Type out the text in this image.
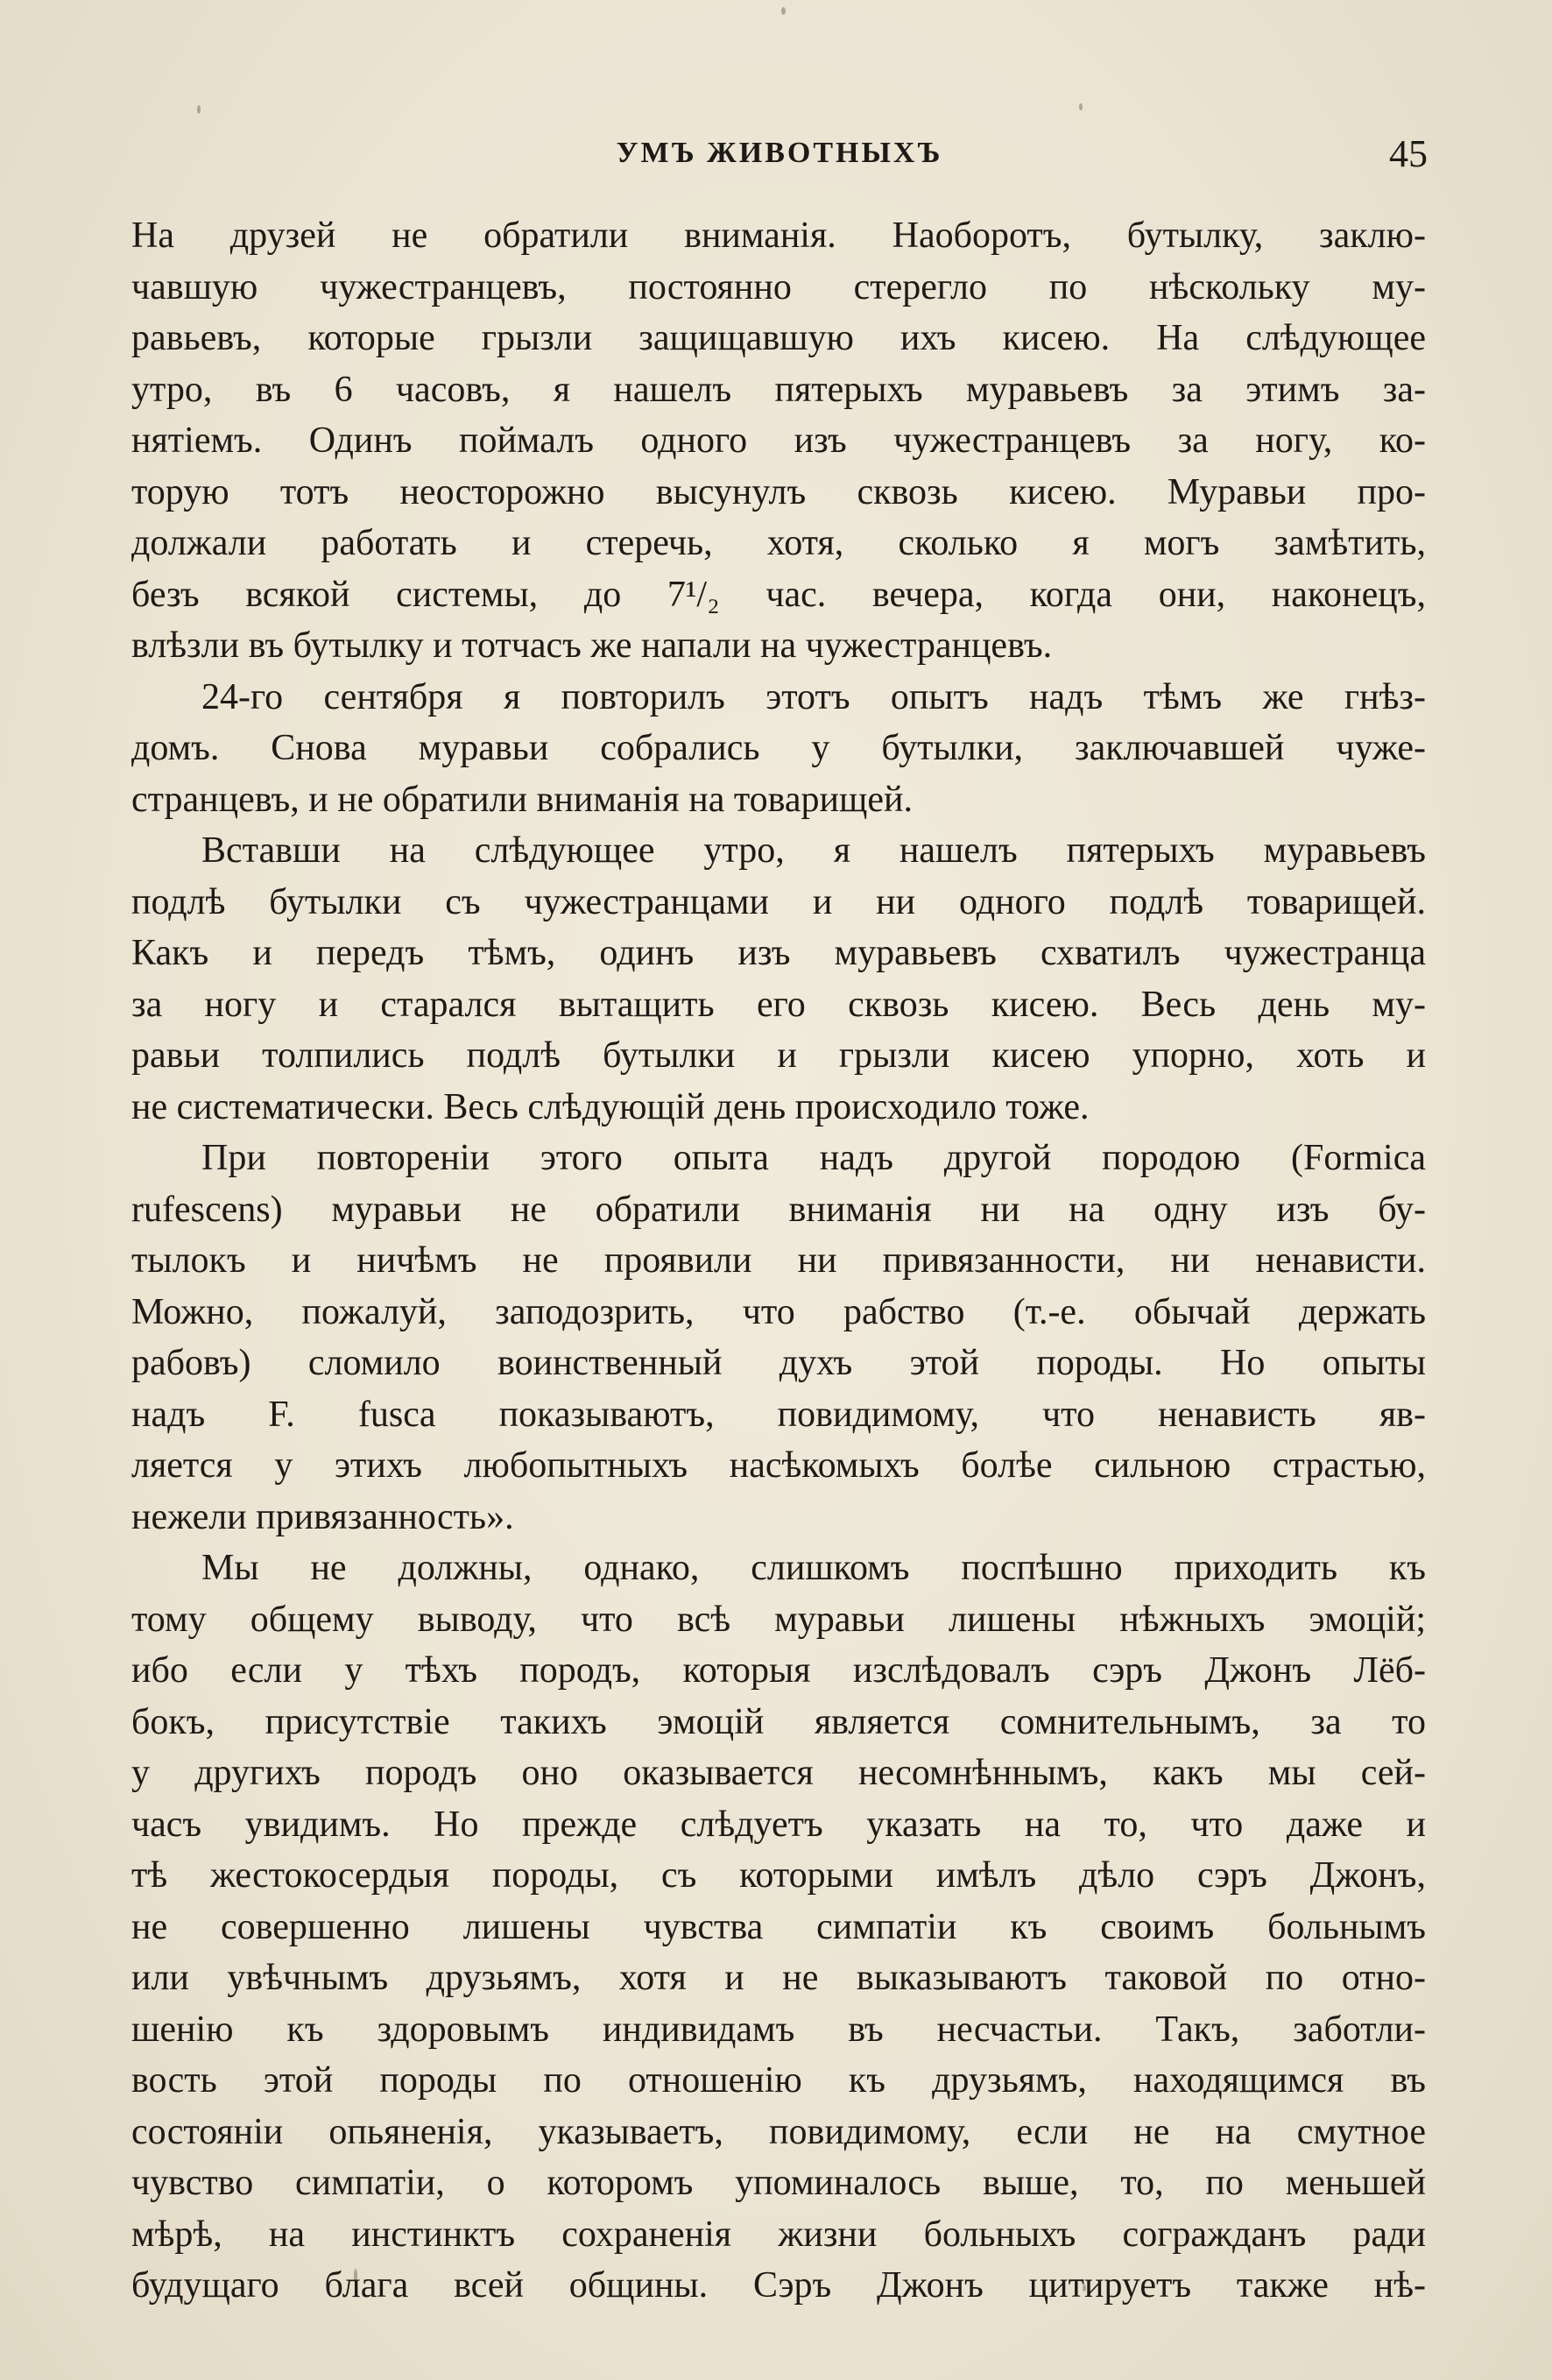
УМЪ ЖИВОТНЫХЪ	45
На друзей не обратили вниманія. Наоборотъ, бутылку, заклю-
чавшую чужестранцевъ, постоянно стерегло по нѣскольку му-
равьевъ, которые грызли защищавшую ихъ кисею. На слѣдующее
утро, въ 6 часовъ, я нашелъ пятерыхъ муравьевъ за этимъ за-
нятіемъ. Одинъ поймалъ одного изъ чужестранцевъ за ногу, ко-
торую тотъ неосторожно высунулъ сквозь кисею. Муравьи про-
должали работать и стеречь, хотя, сколько я могъ замѣтить,
безъ всякой системы, до 7¹/₂ час. вечера, когда они, наконецъ,
влѣзли въ бутылку и тотчасъ же напали на чужестранцевъ.
24-го сентября я повторилъ этотъ опытъ надъ тѣмъ же гнѣз-
домъ. Снова муравьи собрались у бутылки, заключавшей чуже-
странцевъ, и не обратили вниманія на товарищей.
Вставши на слѣдующее утро, я нашелъ пятерыхъ муравьевъ
подлѣ бутылки съ чужестранцами и ни одного подлѣ товарищей.
Какъ и передъ тѣмъ, одинъ изъ муравьевъ схватилъ чужестранца
за ногу и старался вытащить его сквозь кисею. Весь день му-
равьи толпились подлѣ бутылки и грызли кисею упорно, хоть и
не систематически. Весь слѣдующій день происходило тоже.
При повтореніи этого опыта надъ другой породою (Formica
rufescens) муравьи не обратили вниманія ни на одну изъ бу-
тылокъ и ничѣмъ не проявили ни привязанности, ни ненависти.
Можно, пожалуй, заподозрить, что рабство (т.-е. обычай держать
рабовъ) сломило воинственный духъ этой породы. Но опыты
надъ F. fusca показываютъ, повидимому, что ненависть яв-
ляется у этихъ любопытныхъ насѣкомыхъ болѣе сильною страстью,
нежели привязанность».
Мы не должны, однако, слишкомъ поспѣшно приходить къ
тому общему выводу, что всѣ муравьи лишены нѣжныхъ эмоцій;
ибо если у тѣхъ породъ, которыя изслѣдовалъ сэръ Джонъ Лёб-
бокъ, присутствіе такихъ эмоцій является сомнительнымъ, за то
у другихъ породъ оно оказывается несомнѣннымъ, какъ мы сей-
часъ увидимъ. Но прежде слѣдуетъ указать на то, что даже и
тѣ жестокосердыя породы, съ которыми имѣлъ дѣло сэръ Джонъ,
не совершенно лишены чувства симпатіи къ своимъ больнымъ
или увѣчнымъ друзьямъ, хотя и не выказываютъ таковой по отно-
шенію къ здоровымъ индивидамъ въ несчастьи. Такъ, заботли-
вость этой породы по отношенію къ друзьямъ, находящимся въ
состояніи опьяненія, указываетъ, повидимому, если не на смутное
чувство симпатіи, о которомъ упоминалось выше, то, по меньшей
мѣрѣ, на инстинктъ сохраненія жизни больныхъ согражданъ ради
будущаго блага всей общины. Сэръ Джонъ цитируетъ также нѣ-
